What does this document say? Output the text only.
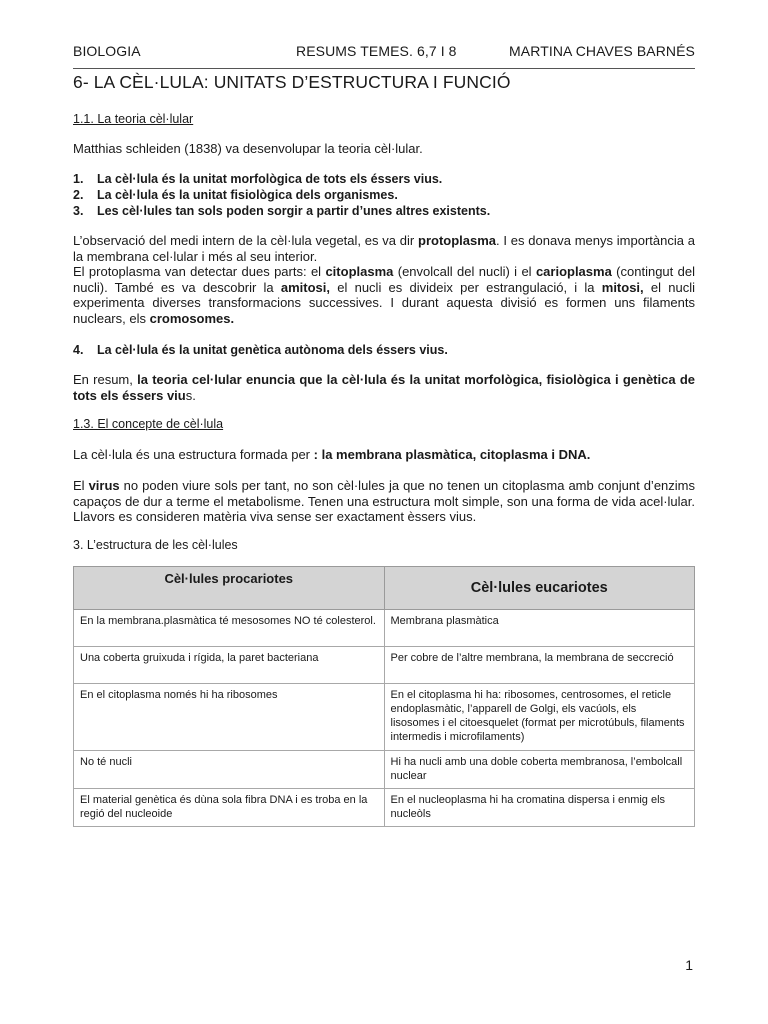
BIOLOGIA	RESUMS TEMES. 6,7 I 8	MARTINA CHAVES BARNÉS
6- LA CÈL·LULA: UNITATS D’ESTRUCTURA I FUNCIÓ
1.1. La teoria cèl·lular
Matthias schleiden (1838) va desenvolupar la teoria cèl·lular.
1.	La cèl·lula és la unitat morfològica de tots els éssers vius.
2.	La cèl·lula és la unitat fisiològica dels organismes.
3.	Les cèl·lules tan sols poden sorgir a partir d’unes altres existents.
L’observació del medi intern de la cèl·lula vegetal, es va dir protoplasma. I es donava menys importància a la membrana cel·lular i més al seu interior.
El protoplasma van detectar dues parts: el citoplasma (envolcall del nucli) i el carioplasma (contingut del nucli). També es va descobrir la amitosi, el nucli es divideix per estrangulació, i la mitosi, el nucli experimenta diverses transformacions successives. I durant aquesta divisió es formen uns filaments nuclears, els cromosomes.
4.	La cèl·lula és la unitat genètica autònoma dels éssers vius.
En resum, la teoria cel·lular enuncia que la cèl·lula és la unitat morfològica, fisiològica i genètica de tots els éssers vius.
1.3. El concepte de cèl·lula
La cèl·lula és una estructura formada per : la membrana plasmàtica, citoplasma i DNA.
El virus no poden viure sols per tant, no son cèl·lules ja que no tenen un citoplasma amb conjunt d’enzims capaços de dur a terme el metabolisme. Tenen una estructura molt simple, son una forma de vida acel·lular. Llavors es consideren matèria viva sense ser exactament èssers vius.
3. L’estructura de les cèl·lules
Cèl·lules procariotes	Cèl·lules eucariotes
En la membrana.plasmàtica té mesosomes NO té colesterol.	Membrana plasmàtica
Una coberta gruixuda i rígida, la paret bacteriana	Per cobre de l’altre membrana, la membrana de seccreció
En el citoplasma només hi ha ribosomes	En el citoplasma hi ha: ribosomes, centrosomes, el reticle endoplasmàtic, l’apparell de Golgi, els vacúols, els lisosomes i el citoesquelet (format per microtúbuls, filaments intermedis i microfilaments)
No té nucli	Hi ha nucli amb una doble coberta membranosa, l’embolcall nuclear
El material genètica és dùna sola fibra DNA i es troba en la regió del nucleoide	En el nucleoplasma hi ha cromatina dispersa i enmig els nucleòls
1
